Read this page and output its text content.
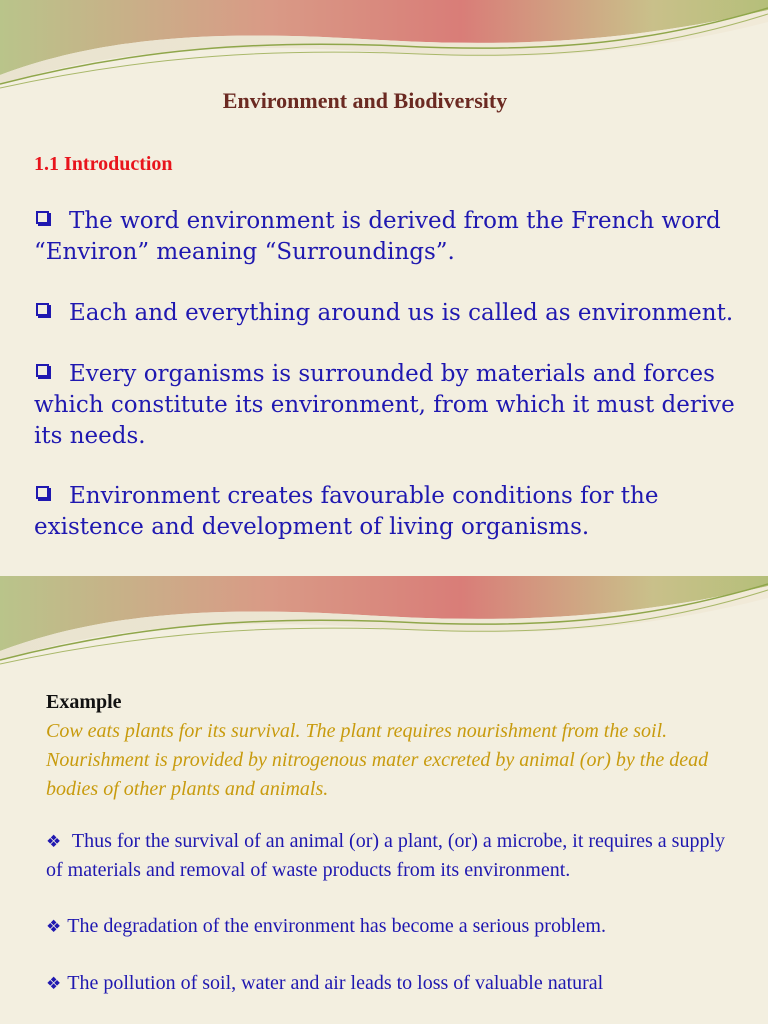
Environment and Biodiversity
1.1 Introduction
The word environment is derived from the French word “Environ” meaning “Surroundings”.
Each and everything around us is called as environment.
Every organisms is surrounded by materials and forces which constitute its environment, from which it must derive its needs.
Environment creates favourable conditions for the existence and development of living organisms.
Example
Cow eats plants for its survival. The plant requires nourishment from the soil. Nourishment is provided by nitrogenous mater excreted by animal (or) by the dead bodies of other plants and animals.
❖ Thus for the survival of an animal (or) a plant, (or) a microbe, it requires a supply of materials and removal of waste products from its environment.
❖ The degradation of the environment has become a serious problem.
❖ The pollution of soil, water and air leads to loss of valuable natural
